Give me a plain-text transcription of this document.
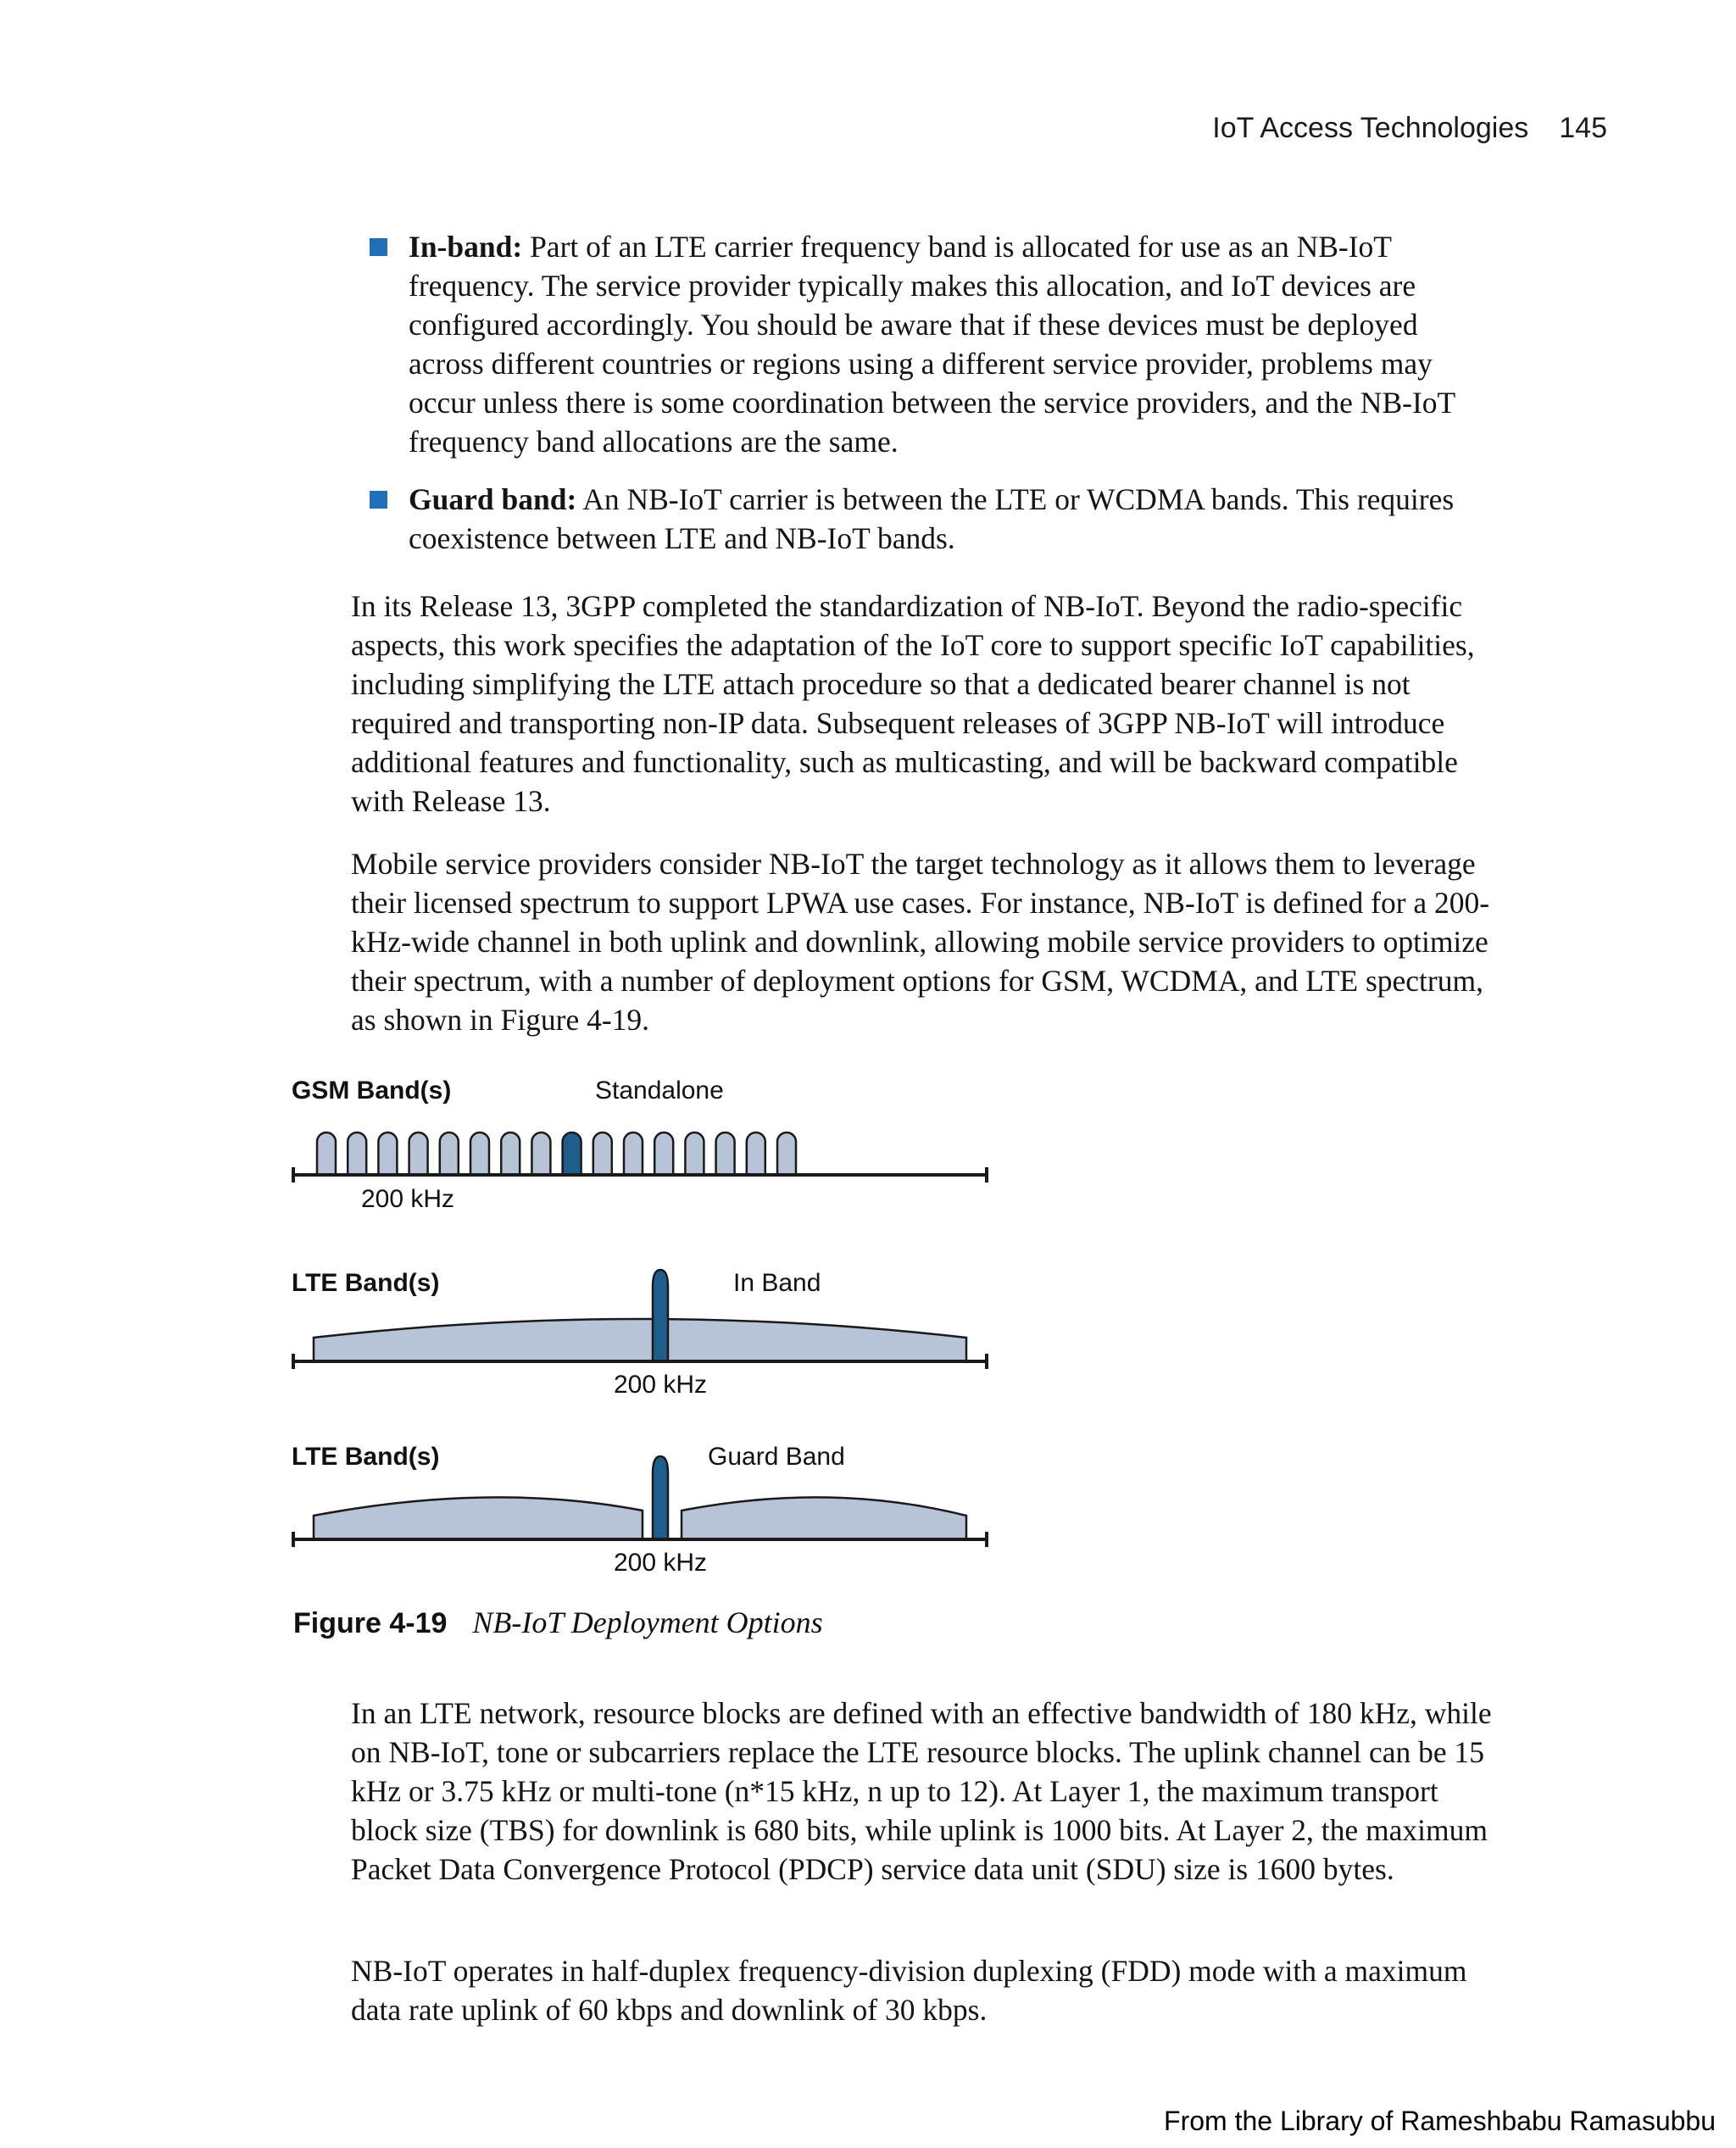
IoT Access Technologies 145
In-band: Part of an LTE carrier frequency band is allocated for use as an NB-IoT frequency. The service provider typically makes this allocation, and IoT devices are configured accordingly. You should be aware that if these devices must be deployed across different countries or regions using a different service provider, problems may occur unless there is some coordination between the service providers, and the NB-IoT frequency band allocations are the same.
Guard band: An NB-IoT carrier is between the LTE or WCDMA bands. This requires coexistence between LTE and NB-IoT bands.

In its Release 13, 3GPP completed the standardization of NB-IoT. Beyond the radio-specific aspects, this work specifies the adaptation of the IoT core to support specific IoT capabilities, including simplifying the LTE attach procedure so that a dedicated bearer channel is not required and transporting non-IP data. Subsequent releases of 3GPP NB-IoT will introduce additional features and functionality, such as multicasting, and will be backward compatible with Release 13.

Mobile service providers consider NB-IoT the target technology as it allows them to leverage their licensed spectrum to support LPWA use cases. For instance, NB-IoT is defined for a 200-kHz-wide channel in both uplink and downlink, allowing mobile service providers to optimize their spectrum, with a number of deployment options for GSM, WCDMA, and LTE spectrum, as shown in Figure 4-19.

GSM Band(s)	Standalone
200 kHz
LTE Band(s)	In Band
200 kHz
LTE Band(s)	Guard Band
200 kHz
Figure 4-19 NB-IoT Deployment Options

In an LTE network, resource blocks are defined with an effective bandwidth of 180 kHz, while on NB-IoT, tone or subcarriers replace the LTE resource blocks. The uplink channel can be 15 kHz or 3.75 kHz or multi-tone (n*15 kHz, n up to 12). At Layer 1, the maximum transport block size (TBS) for downlink is 680 bits, while uplink is 1000 bits. At Layer 2, the maximum Packet Data Convergence Protocol (PDCP) service data unit (SDU) size is 1600 bytes.

NB-IoT operates in half-duplex frequency-division duplexing (FDD) mode with a maximum data rate uplink of 60 kbps and downlink of 30 kbps.

From the Library of Rameshbabu Ramasubbu
